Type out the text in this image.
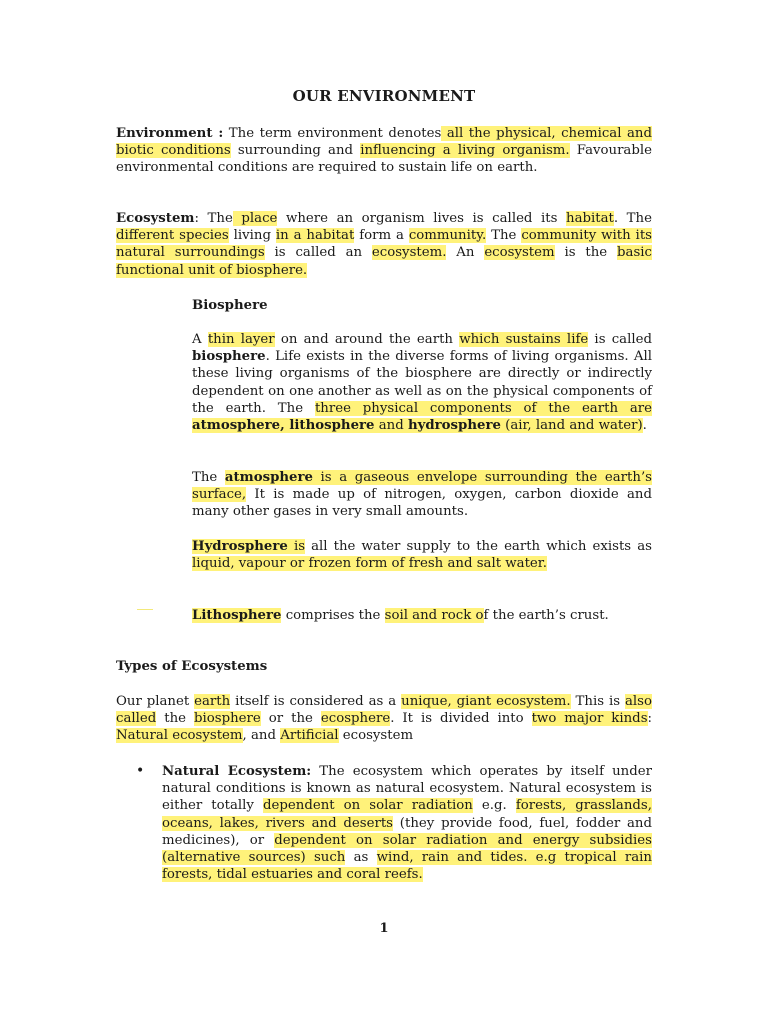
OUR ENVIRONMENT
Environment : The term environment denotes all the physical, chemical and biotic conditions surrounding and influencing a living organism. Favourable environmental conditions are required to sustain life on earth.
Ecosystem: The place where an organism lives is called its habitat. The different species living in a habitat form a community. The community with its natural surroundings is called an ecosystem. An ecosystem is the basic functional unit of biosphere.
Biosphere
A thin layer on and around the earth which sustains life is called biosphere. Life exists in the diverse forms of living organisms. All these living organisms of the biosphere are directly or indirectly dependent on one another as well as on the physical components of the earth. The three physical components of the earth are atmosphere, lithosphere and hydrosphere (air, land and water).
The atmosphere is a gaseous envelope surrounding the earth’s surface, It is made up of nitrogen, oxygen, carbon dioxide and many other gases in very small amounts.
Hydrosphere is all the water supply to the earth which exists as liquid, vapour or frozen form of fresh and salt water.
Lithosphere comprises the soil and rock of the earth’s crust.
Types of Ecosystems
Our planet earth itself is considered as a unique, giant ecosystem. This is also called the biosphere or the ecosphere. It is divided into two major kinds: Natural ecosystem, and Artificial ecosystem
• Natural Ecosystem: The ecosystem which operates by itself under natural conditions is known as natural ecosystem. Natural ecosystem is either totally dependent on solar radiation e.g. forests, grasslands, oceans, lakes, rivers and deserts (they provide food, fuel, fodder and medicines), or dependent on solar radiation and energy subsidies (alternative sources) such as wind, rain and tides. e.g tropical rain forests, tidal estuaries and coral reefs.
1
